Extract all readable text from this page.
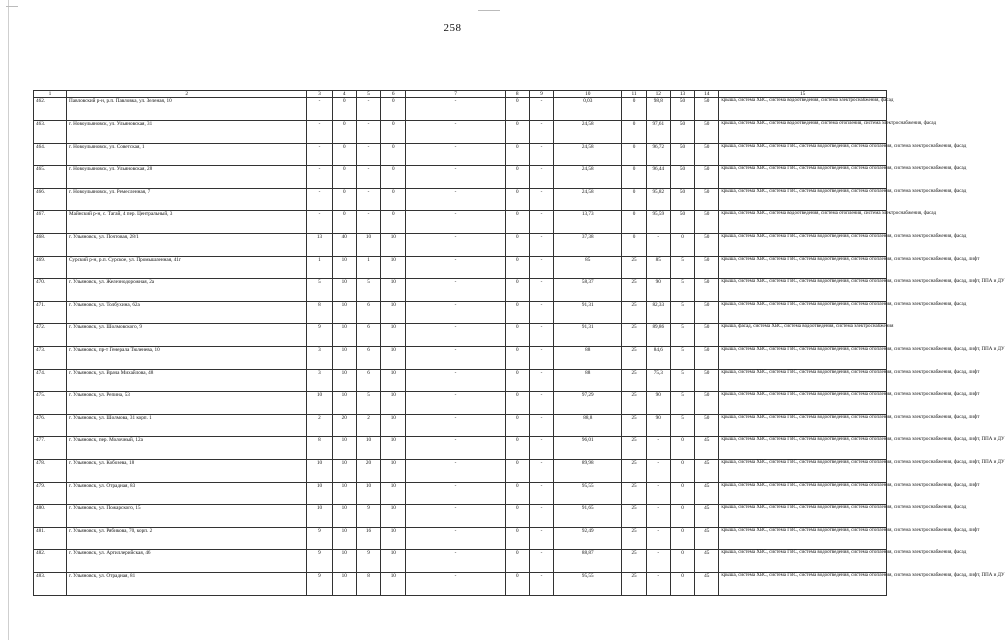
258
1	2	3	4	5	6	7	8	9	10	11	12	13	14	15
462.	Павловский р-н, р.п. Павловка, ул. Зеленая, 10	-	0	-	0	-	0	-	0,03	0	98,8	50	50	крыша, система ХВС, система водоотведения, система электроснабжения, фасад
463.	г. Новоульяновск, ул. Ульяновская, 31	-	0	-	0	-	0	-	24,58	0	97,61	50	50	крыша, система ХВС, система водоотведения, система отопления, система электроснабжения, фасад
464.	г. Новоульяновск, ул. Советская, 1	-	0	-	0	-	0	-	24,58	0	96,72	50	50	крыша, система ХВС, система ГВС, система водоотведения, система отопления, система электроснабжения, фасад
465.	г. Новоульяновск, ул. Ульяновская, 28	-	0	-	0	-	0	-	24,58	0	96,44	50	50	крыша, система ХВС, система ГВС, система водоотведения, система отопления, система электроснабжения, фасад
466.	г. Новоульяновск, ул. Ремесленная, 7	-	0	-	0	-	0	-	24,58	0	95,82	50	50	крыша, система ХВС, система ГВС, система водоотведения, система отопления, система электроснабжения, фасад
467.	Майнский р-н, с. Тагай, 4 пер. Центральный, 3	-	0	-	0	-	0	-	13,73	0	95,59	50	50	крыша, система ХВС, система водоотведения, система отопления, система электроснабжения, фасад
468.	г. Ульяновск, ул. Почтовая, 28/1	13	40	10	10	-	0	-	37,38	0	-	0	50	крыша, система ХВС, система ГВС, система водоотведения, система отопления, система электроснабжения, фасад
469.	Сурский р-н, р.п. Сурское, ул. Промышленная, 41г	1	10	1	10	-	0	-	85	25	85	5	50	крыша, система ХВС, система ГВС, система водоотведения, система отопления, система электроснабжения, фасад, лифт
470.	г. Ульяновск, ул. Железнодорожная, 2а	5	10	5	10	-	0	-	58,37	25	90	5	50	крыша, система ХВС, система ГВС, система водоотведения, система отопления, система электроснабжения, фасад, лифт, ППА и ДУ
471.	г. Ульяновск, ул. Толбухина, 62а	8	10	6	10	-	0	-	91,31	25	82,33	5	50	крыша, система ХВС, система ГВС, система водоотведения, система отопления, система электроснабжения, фасад
472.	г. Ульяновск, ул. Шолмовского, 9	9	10	6	10	-	0	-	91,31	25	89,86	5	50	крыша, фасад, система ХВС, система водоотведения, система электроснабжения
473.	г. Ульяновск, пр-т Генерала Тюленева, 10	3	10	6	10	-	0	-	88	25	84,6	5	50	крыша, система ХВС, система ГВС, система водоотведения, система отопления, система электроснабжения, фасад, лифт, ППА и ДУ
474.	г. Ульяновск, ул. Врача Михайлова, 48	3	10	6	10	-	0	-	88	25	75,3	5	50	крыша, система ХВС, система ГВС, система водоотведения, система отопления, система электроснабжения, фасад, лифт
475.	г. Ульяновск, ул. Репина, 53	10	10	5	10	-	0	-	97,29	25	90	5	50	крыша, система ХВС, система ГВС, система водоотведения, система отопления, система электроснабжения, фасад, лифт
476.	г. Ульяновск, ул. Шолмова, 31 корп. 1	2	20	2	10	-	0	-	88,8	25	90	5	50	крыша, система ХВС, система ГВС, система водоотведения, система отопления, система электроснабжения, фасад, лифт
477.	г. Ульяновск, пер. Молочный, 12а	8	10	10	10	-	0	-	96,01	25	-	0	45	крыша, система ХВС, система ГВС, система водоотведения, система отопления, система электроснабжения, фасад, лифт, ППА и ДУ
478.	г. Ульяновск, ул. Кобозева, 18	10	10	20	10	-	0	-	89,98	25	-	0	45	крыша, система ХВС, система ГВС, система водоотведения, система отопления, система электроснабжения, фасад, лифт, ППА и ДУ
479.	г. Ульяновск, ул. Отрадная, 83	10	10	10	10	-	0	-	95,55	25	-	0	45	крыша, система ХВС, система ГВС, система водоотведения, система отопления, система электроснабжения, фасад, лифт
480.	г. Ульяновск, ул. Пожарского, 15	10	10	9	10	-	0	-	91,65	25	-	0	45	крыша, система ХВС, система ГВС, система водоотведения, система отопления, система электроснабжения, фасад
481.	г. Ульяновск, ул. Рябикова, 70, корп. 2	9	10	16	10	-	0	-	92,49	25	-	0	45	крыша, система ХВС, система ГВС, система водоотведения, система отопления, система электроснабжения, фасад, лифт
482.	г. Ульяновск, ул. Артиллерийская, 46	9	10	9	10	-	0	-	88,87	25	-	0	45	крыша, система ХВС, система ГВС, система водоотведения, система отопления, система электроснабжения, фасад
483.	г. Ульяновск, ул. Отрадная, 81	9	10	8	10	-	0	-	95,55	25	-	0	45	крыша, система ХВС, система ГВС, система водоотведения, система отопления, система электроснабжения, фасад, лифт, ППА и ДУ
